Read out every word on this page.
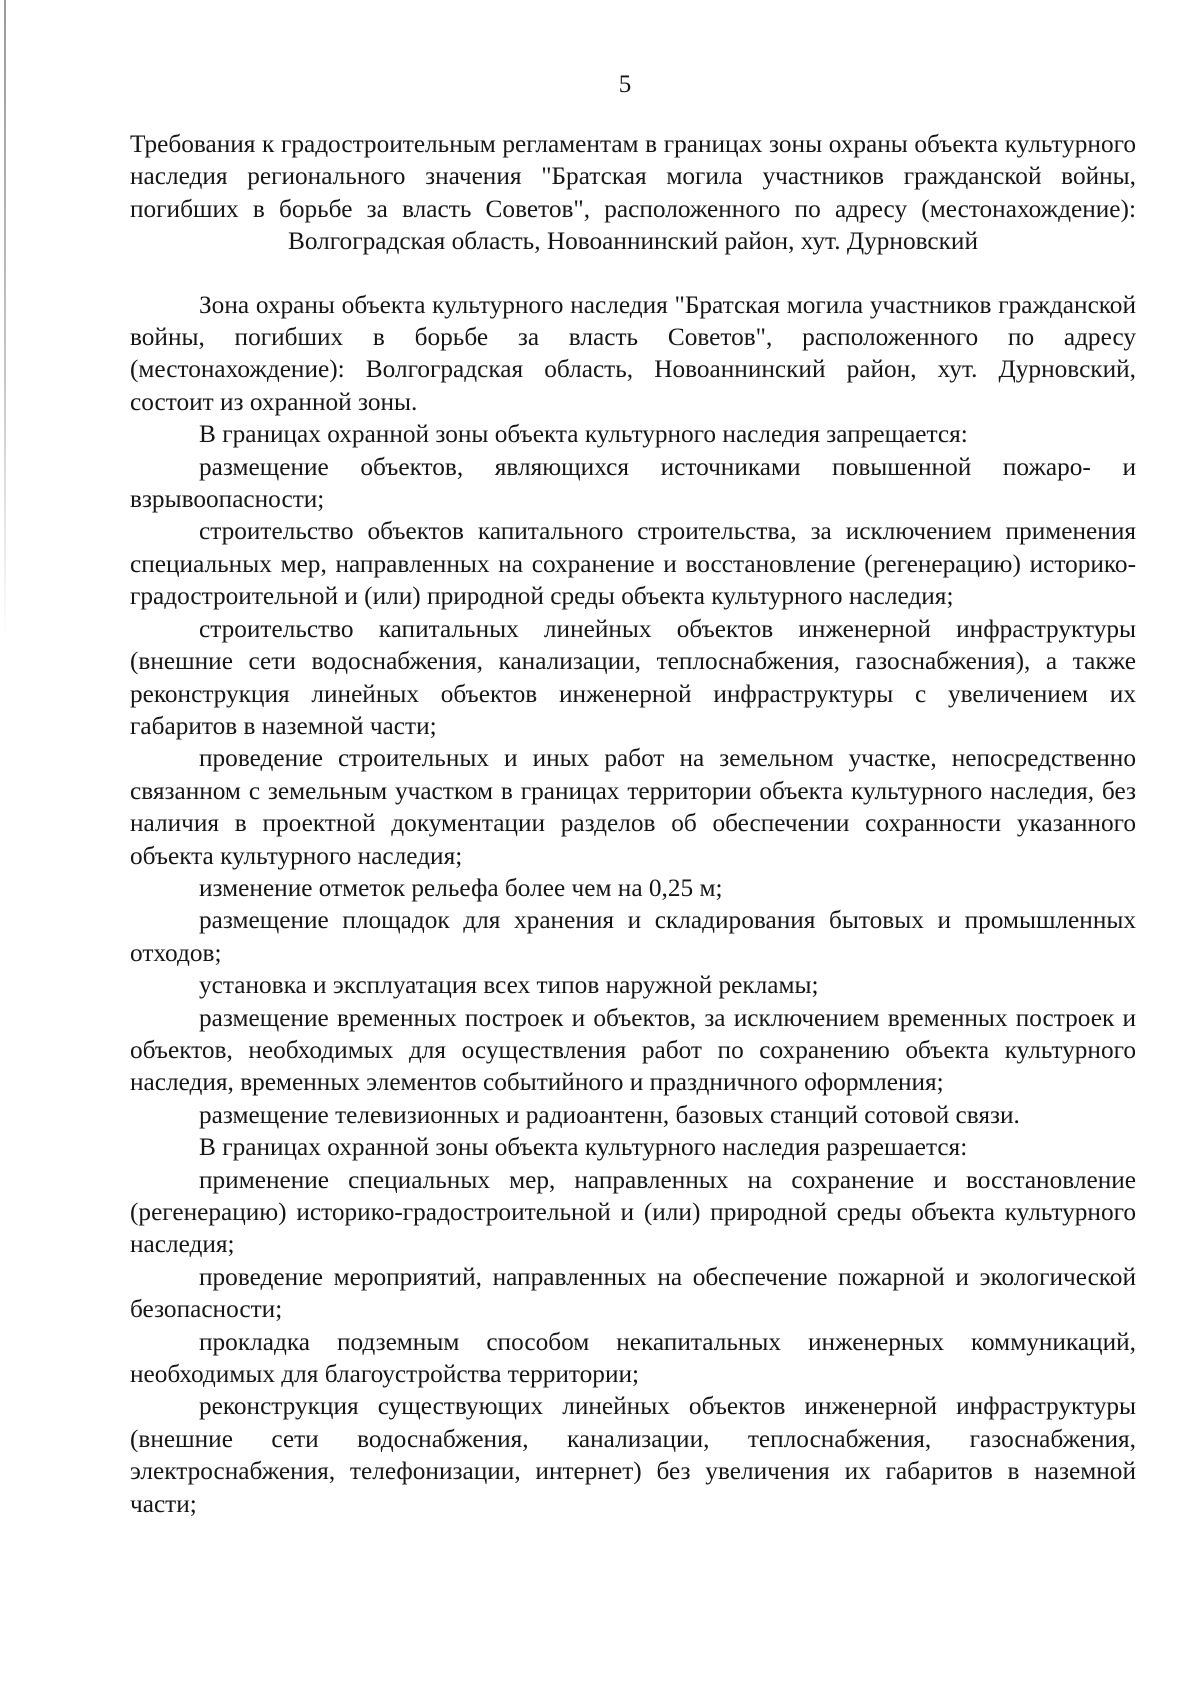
5

Требования к градостроительным регламентам в границах зоны охраны объекта культурного наследия регионального значения "Братская могила участников гражданской войны, погибших в борьбе за власть Советов", расположенного по адресу (местонахождение): Волгоградская область, Новоаннинский район, хут. Дурновский

Зона охраны объекта культурного наследия "Братская могила участников гражданской войны, погибших в борьбе за власть Советов", расположенного по адресу (местонахождение): Волгоградская область, Новоаннинский район, хут. Дурновский, состоит из охранной зоны.

В границах охранной зоны объекта культурного наследия запрещается:

размещение объектов, являющихся источниками повышенной пожаро- и взрывоопасности;

строительство объектов капитального строительства, за исключением применения специальных мер, направленных на сохранение и восстановление (регенерацию) историко-градостроительной и (или) природной среды объекта культурного наследия;

строительство капитальных линейных объектов инженерной инфраструктуры (внешние сети водоснабжения, канализации, теплоснабжения, газоснабжения), а также реконструкция линейных объектов инженерной инфраструктуры с увеличением их габаритов в наземной части;

проведение строительных и иных работ на земельном участке, непосредственно связанном с земельным участком в границах территории объекта культурного наследия, без наличия в проектной документации разделов об обеспечении сохранности указанного объекта культурного наследия;

изменение отметок рельефа более чем на 0,25 м;

размещение площадок для хранения и складирования бытовых и промышленных отходов;

установка и эксплуатация всех типов наружной рекламы;

размещение временных построек и объектов, за исключением временных построек и объектов, необходимых для осуществления работ по сохранению объекта культурного наследия, временных элементов событийного и праздничного оформления;

размещение телевизионных и радиоантенн, базовых станций сотовой связи.

В границах охранной зоны объекта культурного наследия разрешается:

применение специальных мер, направленных на сохранение и восстановление (регенерацию) историко-градостроительной и (или) природной среды объекта культурного наследия;

проведение мероприятий, направленных на обеспечение пожарной и экологической безопасности;

прокладка подземным способом некапитальных инженерных коммуникаций, необходимых для благоустройства территории;

реконструкция существующих линейных объектов инженерной инфраструктуры (внешние сети водоснабжения, канализации, теплоснабжения, газоснабжения, электроснабжения, телефонизации, интернет) без увеличения их габаритов в наземной части;
